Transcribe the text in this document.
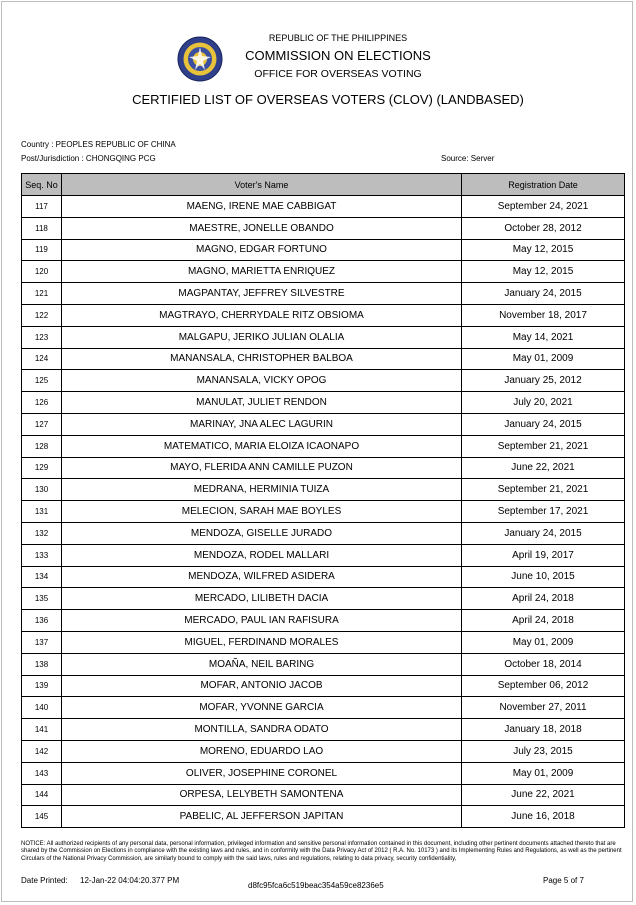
REPUBLIC OF THE PHILIPPINES
COMMISSION ON ELECTIONS
OFFICE FOR OVERSEAS VOTING
CERTIFIED LIST OF OVERSEAS VOTERS (CLOV) (LANDBASED)
Country : PEOPLES REPUBLIC OF CHINA
Post/Jurisdiction : CHONGQING PCG	Source: Server
Seq. No	Voter's Name	Registration Date
117	MAENG, IRENE MAE CABBIGAT	September 24, 2021
118	MAESTRE, JONELLE OBANDO	October 28, 2012
119	MAGNO, EDGAR FORTUNO	May 12, 2015
120	MAGNO, MARIETTA ENRIQUEZ	May 12, 2015
121	MAGPANTAY, JEFFREY SILVESTRE	January 24, 2015
122	MAGTRAYO, CHERRYDALE RITZ OBSIOMA	November 18, 2017
123	MALGAPU, JERIKO JULIAN OLALIA	May 14, 2021
124	MANANSALA, CHRISTOPHER BALBOA	May 01, 2009
125	MANANSALA, VICKY OPOG	January 25, 2012
126	MANULAT, JULIET RENDON	July 20, 2021
127	MARINAY, JNA ALEC LAGURIN	January 24, 2015
128	MATEMATICO, MARIA ELOIZA ICAONAPO	September 21, 2021
129	MAYO, FLERIDA ANN CAMILLE PUZON	June 22, 2021
130	MEDRANA, HERMINIA TUIZA	September 21, 2021
131	MELECION, SARAH MAE BOYLES	September 17, 2021
132	MENDOZA, GISELLE JURADO	January 24, 2015
133	MENDOZA, RODEL MALLARI	April 19, 2017
134	MENDOZA, WILFRED ASIDERA	June 10, 2015
135	MERCADO, LILIBETH DACIA	April 24, 2018
136	MERCADO, PAUL IAN RAFISURA	April 24, 2018
137	MIGUEL, FERDINAND MORALES	May 01, 2009
138	MOAÑA, NEIL BARING	October 18, 2014
139	MOFAR, ANTONIO JACOB	September 06, 2012
140	MOFAR, YVONNE GARCIA	November 27, 2011
141	MONTILLA, SANDRA ODATO	January 18, 2018
142	MORENO, EDUARDO LAO	July 23, 2015
143	OLIVER, JOSEPHINE CORONEL	May 01, 2009
144	ORPESA, LELYBETH SAMONTENA	June 22, 2021
145	PABELIC, AL JEFFERSON JAPITAN	June 16, 2018
NOTICE: All authorized recipients of any personal data, personal information, privileged information and sensitive personal information contained in this document, including other pertinent documents attached thereto that are shared by the Commission on Elections in compliance with the existing laws and rules, and in conformity with the Data Privacy Act of 2012 ( R.A. No. 10173 ) and its Implementing Rules and Regulations, as well as the pertinent Circulars of the National Privacy Commission, are similarly bound to comply with the said laws, rules and regulations, relating to data privacy, security confidentiality,
Date Printed: 12-Jan-22 04:04:20.377 PM
d8fc95fca6c519beac354a59ce8236e5
Page 5 of 7
